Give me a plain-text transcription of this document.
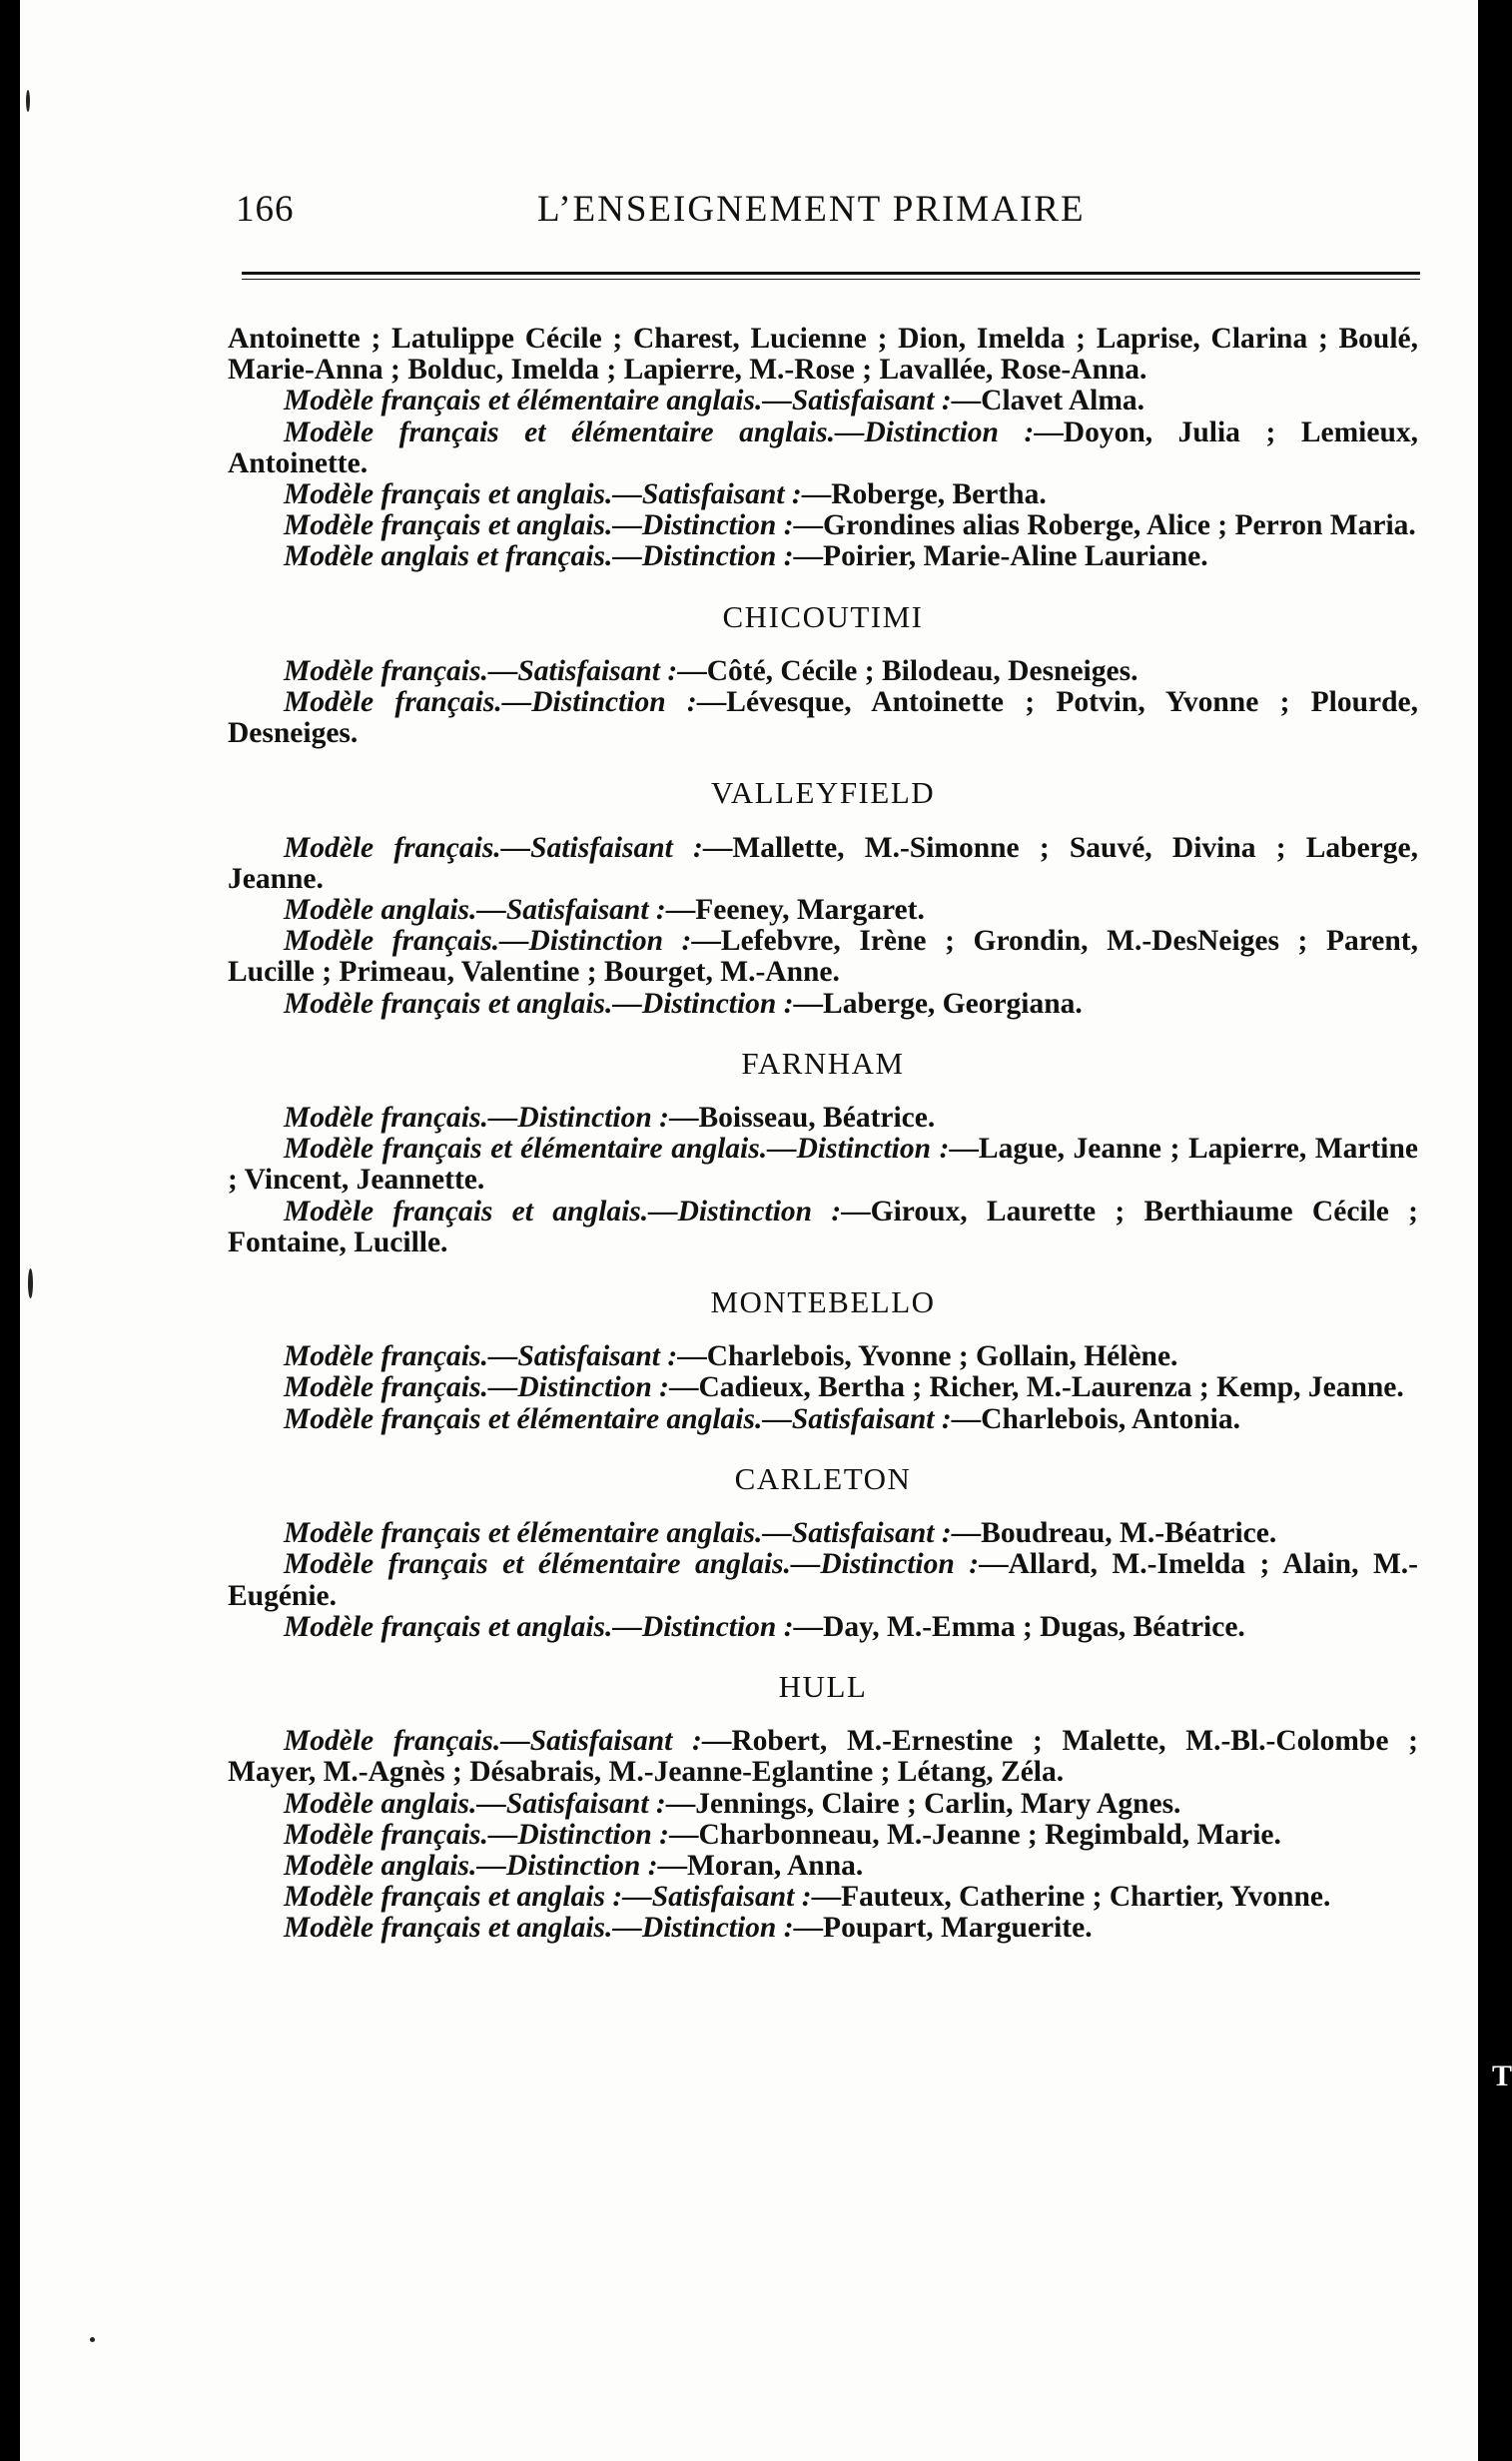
166	L’ENSEIGNEMENT PRIMAIRE

Antoinette ; Latulippe Cécile ; Charest, Lucienne ; Dion, Imelda ; Laprise, Clarina ; Boulé, Marie-Anna ; Bolduc, Imelda ; Lapierre, M.-Rose ; Lavallée, Rose-Anna.

Modèle français et élémentaire anglais.—Satisfaisant :—Clavet Alma.

Modèle français et élémentaire anglais.—Distinction :—Doyon, Julia ; Lemieux, Antoinette.

Modèle français et anglais.—Satisfaisant :—Roberge, Bertha.

Modèle français et anglais.—Distinction :—Grondines alias Roberge, Alice ; Perron Maria.

Modèle anglais et français.—Distinction :—Poirier, Marie-Aline Lauriane.

CHICOUTIMI

Modèle français.—Satisfaisant :—Côté, Cécile ; Bilodeau, Desneiges.

Modèle français.—Distinction :—Lévesque, Antoinette ; Potvin, Yvonne ; Plourde, Desneiges.

VALLEYFIELD

Modèle français.—Satisfaisant :—Mallette, M.-Simonne ; Sauvé, Divina ; Laberge, Jeanne.

Modèle anglais.—Satisfaisant :—Feeney, Margaret.

Modèle français.—Distinction :—Lefebvre, Irène ; Grondin, M.-DesNeiges ; Parent, Lucille ; Primeau, Valentine ; Bourget, M.-Anne.

Modèle français et anglais.—Distinction :—Laberge, Georgiana.

FARNHAM

Modèle français.—Distinction :—Boisseau, Béatrice.

Modèle français et élémentaire anglais.—Distinction :—Lague, Jeanne ; Lapierre, Martine ; Vincent, Jeannette.

Modèle français et anglais.—Distinction :—Giroux, Laurette ; Berthiaume Cécile ; Fontaine, Lucille.

MONTEBELLO

Modèle français.—Satisfaisant :—Charlebois, Yvonne ; Gollain, Hélène.

Modèle français.—Distinction :—Cadieux, Bertha ; Richer, M.-Laurenza ; Kemp, Jeanne.

Modèle français et élémentaire anglais.—Satisfaisant :—Charlebois, Antonia.

CARLETON

Modèle français et élémentaire anglais.—Satisfaisant :—Boudreau, M.-Béatrice.

Modèle français et élémentaire anglais.—Distinction :—Allard, M.-Imelda ; Alain, M.-Eugénie.

Modèle français et anglais.—Distinction :—Day, M.-Emma ; Dugas, Béatrice.

HULL

Modèle français.—Satisfaisant :—Robert, M.-Ernestine ; Malette, M.-Bl.-Colombe ; Mayer, M.-Agnès ; Désabrais, M.-Jeanne-Eglantine ; Létang, Zéla.

Modèle anglais.—Satisfaisant :—Jennings, Claire ; Carlin, Mary Agnes.

Modèle français.—Distinction :—Charbonneau, M.-Jeanne ; Regimbald, Marie.

Modèle anglais.—Distinction :—Moran, Anna.

Modèle français et anglais :—Satisfaisant :—Fauteux, Catherine ; Chartier, Yvonne.

Modèle français et anglais.—Distinction :—Poupart, Marguerite.

T
